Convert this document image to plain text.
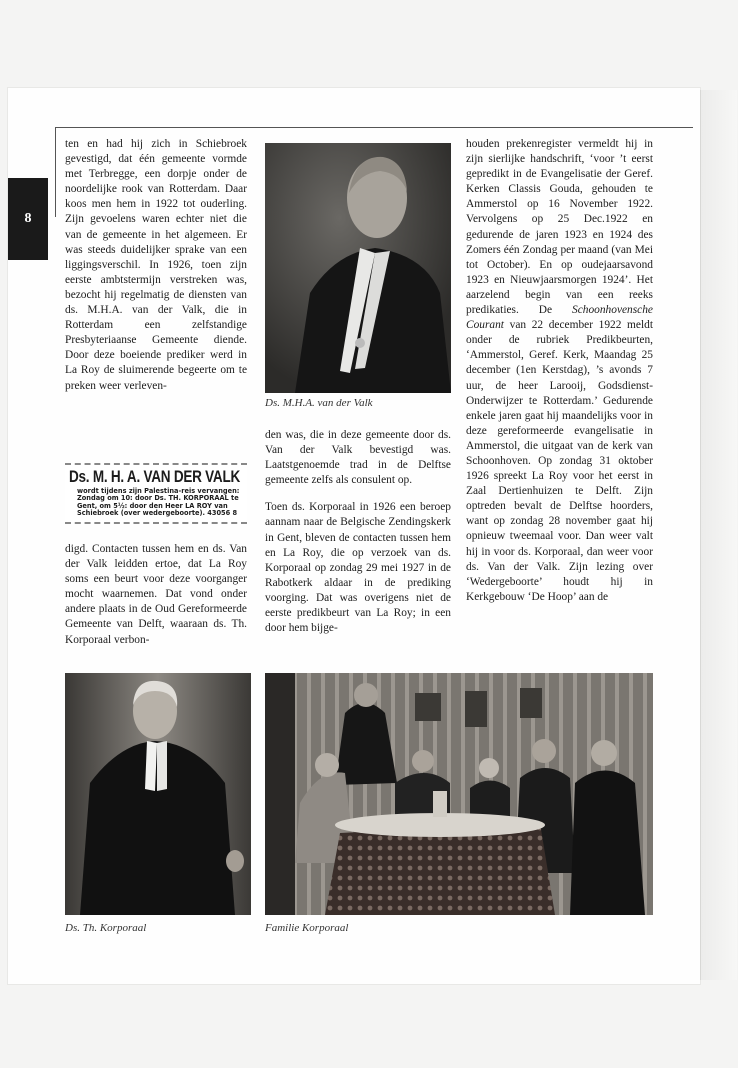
8

ten en had hij zich in Schiebroek gevestigd, dat één gemeente vormde met Terbregge, een dorpje onder de noordelijke rook van Rotterdam. Daar koos men hem in 1922 tot ouderling. Zijn gevoelens waren echter niet die van de gemeente in het algemeen. Er was steeds duidelijker sprake van een liggingsverschil. In 1926, toen zijn eerste ambtstermijn verstreken was, bezocht hij regelmatig de diensten van ds. M.H.A. van der Valk, die in Rotterdam een zelfstandige Presbyteriaanse Gemeente diende. Door deze boeiende prediker werd in La Roy de sluimerende begeerte om te preken weer verleven-

Ds. M. H. A. VAN DER VALK
wordt tijdens zijn Palestina-reis vervangen: Zondag om 10: door Ds. TH. KORPORAAL te Gent, om 5½: door den Heer LA ROY van Schiebroek (over wedergeboorte). 43056 8

digd. Contacten tussen hem en ds. Van der Valk leidden ertoe, dat La Roy soms een beurt voor deze voorganger mocht waarnemen. Dat vond onder andere plaats in de Oud Gereformeerde Gemeente van Delft, waaraan ds. Th. Korporaal verbon-

Ds. M.H.A. van der Valk

den was, die in deze gemeente door ds. Van der Valk bevestigd was. Laatstgenoemde trad in de Delftse gemeente zelfs als consulent op.

Toen ds. Korporaal in 1926 een beroep aannam naar de Belgische Zendingskerk in Gent, bleven de contacten tussen hem en La Roy, die op verzoek van ds. Korporaal op zondag 29 mei 1927 in de Rabotkerk aldaar in de prediking voorging. Dat was overigens niet de eerste predikbeurt van La Roy; in een door hem bijge-

houden prekenregister vermeldt hij in zijn sierlijke handschrift, ‘voor ’t eerst gepredikt in de Evangelisatie der Geref. Kerken Classis Gouda, gehouden te Ammerstol op 16 November 1922. Vervolgens op 25 Dec.1922 en gedurende de jaren 1923 en 1924 des Zomers één Zondag per maand (van Mei tot October). En op oudejaarsavond 1923 en Nieuwjaarsmorgen 1924’. Het aarzelend begin van een reeks predikaties. De Schoonhovensche Courant van 22 december 1922 meldt onder de rubriek Predikbeurten, ‘Ammerstol, Geref. Kerk, Maandag 25 december (1en Kerstdag), ’s avonds 7 uur, de heer Larooij, Godsdienst-Onderwijzer te Rotterdam.’ Gedurende enkele jaren gaat hij maandelijks voor in deze gereformeerde evangelisatie in Ammerstol, die uitgaat van de kerk van Schoonhoven. Op zondag 31 oktober 1926 spreekt La Roy voor het eerst in Zaal Dertienhuizen te Delft. Zijn optreden bevalt de Delftse hoorders, want op zondag 28 november gaat hij opnieuw tweemaal voor. Dan weer valt hij in voor ds. Korporaal, dan weer voor ds. Van der Valk. Zijn lezing over ‘Wedergeboorte’ houdt hij in Kerkgebouw ‘De Hoop’ aan de

Ds. Th. Korporaal	Familie Korporaal
